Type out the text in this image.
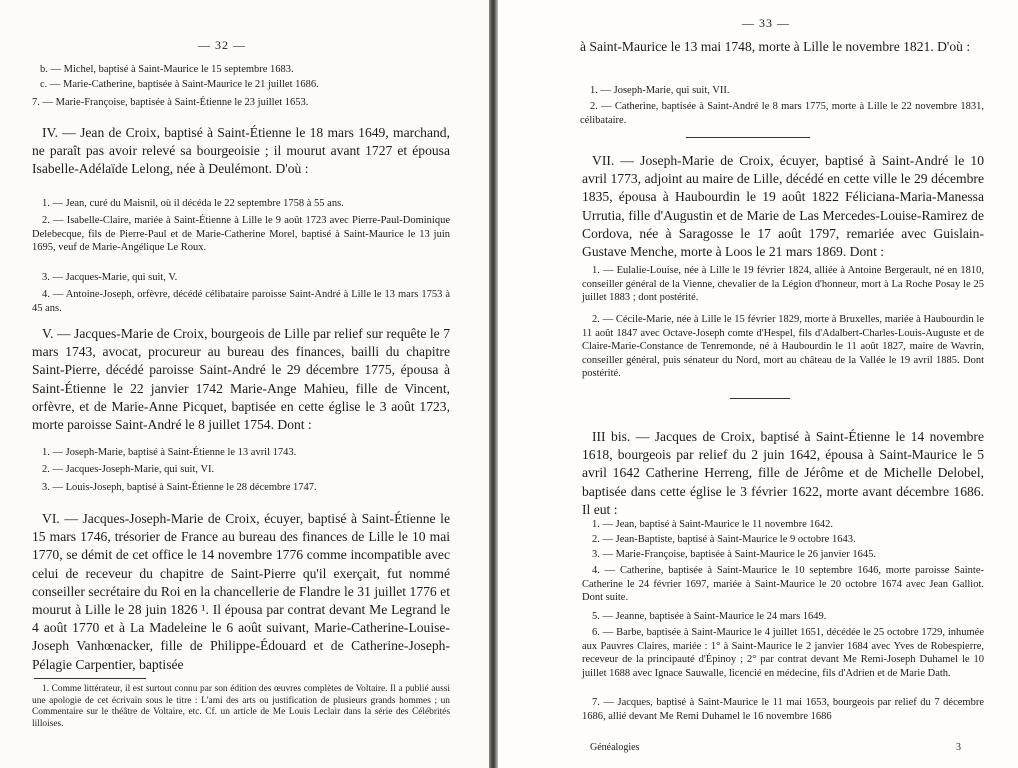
— 32 —

b. — Michel, baptisé à Saint-Maurice le 15 septembre 1683.

c. — Marie-Catherine, baptisée à Saint-Maurice le 21 juillet 1686.

7. — Marie-Françoise, baptisée à Saint-Étienne le 23 juillet 1653.

IV. — Jean de Croix, baptisé à Saint-Étienne le 18 mars 1649, marchand, ne paraît pas avoir relevé sa bourgeoisie ; il mourut avant 1727 et épousa Isabelle-Adélaïde Lelong, née à Deulémont. D'où :

1. — Jean, curé du Maisnil, où il décéda le 22 septembre 1758 à 55 ans.

2. — Isabelle-Claire, mariée à Saint-Étienne à Lille le 9 août 1723 avec Pierre-Paul-Dominique Delebecque, fils de Pierre-Paul et de Marie-Catherine Morel, baptisé à Saint-Maurice le 13 juin 1695, veuf de Marie-Angélique Le Roux.

3. — Jacques-Marie, qui suit, V.

4. — Antoine-Joseph, orfèvre, décédé célibataire paroisse Saint-André à Lille le 13 mars 1753 à 45 ans.

V. — Jacques-Marie de Croix, bourgeois de Lille par relief sur requête le 7 mars 1743, avocat, procureur au bureau des finances, bailli du chapitre Saint-Pierre, décédé paroisse Saint-André le 29 décembre 1775, épousa à Saint-Étienne le 22 janvier 1742 Marie-Ange Mahieu, fille de Vincent, orfèvre, et de Marie-Anne Picquet, baptisée en cette église le 3 août 1723, morte paroisse Saint-André le 8 juillet 1754. Dont :

1. — Joseph-Marie, baptisé à Saint-Étienne le 13 avril 1743.

2. — Jacques-Joseph-Marie, qui suit, VI.

3. — Louis-Joseph, baptisé à Saint-Étienne le 28 décembre 1747.

VI. — Jacques-Joseph-Marie de Croix, écuyer, baptisé à Saint-Étienne le 15 mars 1746, trésorier de France au bureau des finances de Lille le 10 mai 1770, se démit de cet office le 14 novembre 1776 comme incompatible avec celui de receveur du chapitre de Saint-Pierre qu'il exerçait, fut nommé conseiller secrétaire du Roi en la chancellerie de Flandre le 31 juillet 1776 et mourut à Lille le 28 juin 1826 ¹. Il épousa par contrat devant Me Legrand le 4 août 1770 et à La Madeleine le 6 août suivant, Marie-Catherine-Louise-Joseph Vanhœnacker, fille de Philippe-Édouard et de Catherine-Joseph-Pélagie Carpentier, baptisée

1. Comme littérateur, il est surtout connu par son édition des œuvres complètes de Voltaire. Il a publié aussi une apologie de cet écrivain sous le titre : L'ami des arts ou justification de plusieurs grands hommes ; un Commentaire sur le théâtre de Voltaire, etc. Cf. un article de Me Louis Leclair dans la série des Célébrités lilloises.

— 33 —

à Saint-Maurice le 13 mai 1748, morte à Lille le novembre 1821. D'où :

1. — Joseph-Marie, qui suit, VII.

2. — Catherine, baptisée à Saint-André le 8 mars 1775, morte à Lille le 22 novembre 1831, célibataire.

VII. — Joseph-Marie de Croix, écuyer, baptisé à Saint-André le 10 avril 1773, adjoint au maire de Lille, décédé en cette ville le 29 décembre 1835, épousa à Haubourdin le 19 août 1822 Féliciana-Maria-Manessa Urrutia, fille d'Augustin et de Marie de Las Mercedes-Louise-Ramirez de Cordova, née à Saragosse le 17 août 1797, remariée avec Guislain-Gustave Menche, morte à Loos le 21 mars 1869. Dont :

1. — Eulalie-Louise, née à Lille le 19 février 1824, alliée à Antoine Bergerault, né en 1810, conseiller général de la Vienne, chevalier de la Légion d'honneur, mort à La Roche Posay le 25 juillet 1883 ; dont postérité.

2. — Cécile-Marie, née à Lille le 15 février 1829, morte à Bruxelles, mariée à Haubourdin le 11 août 1847 avec Octave-Joseph comte d'Hespel, fils d'Adalbert-Charles-Louis-Auguste et de Claire-Marie-Constance de Tenremonde, né à Haubourdin le 11 août 1827, maire de Wavrin, conseiller général, puis sénateur du Nord, mort au château de la Vallée le 19 avril 1885. Dont postérité.

III bis. — Jacques de Croix, baptisé à Saint-Étienne le 14 novembre 1618, bourgeois par relief du 2 juin 1642, épousa à Saint-Maurice le 5 avril 1642 Catherine Herreng, fille de Jérôme et de Michelle Delobel, baptisée dans cette église le 3 février 1622, morte avant décembre 1686. Il eut :

1. — Jean, baptisé à Saint-Maurice le 11 novembre 1642.

2. — Jean-Baptiste, baptisé à Saint-Maurice le 9 octobre 1643.

3. — Marie-Françoise, baptisée à Saint-Maurice le 26 janvier 1645.

4. — Catherine, baptisée à Saint-Maurice le 10 septembre 1646, morte paroisse Sainte-Catherine le 24 février 1697, mariée à Saint-Maurice le 20 octobre 1674 avec Jean Galliot. Dont suite.

5. — Jeanne, baptisée à Saint-Maurice le 24 mars 1649.

6. — Barbe, baptisée à Saint-Maurice le 4 juillet 1651, décédée le 25 octobre 1729, inhumée aux Pauvres Claires, mariée : 1° à Saint-Maurice le 2 janvier 1684 avec Yves de Robespierre, receveur de la principauté d'Épinoy ; 2° par contrat devant Me Remi-Joseph Duhamel le 10 juillet 1688 avec Ignace Sauwalle, licencié en médecine, fils d'Adrien et de Marie Dath.

7. — Jacques, baptisé à Saint-Maurice le 11 mai 1653, bourgeois par relief du 7 décembre 1686, allié devant Me Remi Duhamel le 16 novembre 1686

Généalogies	3
